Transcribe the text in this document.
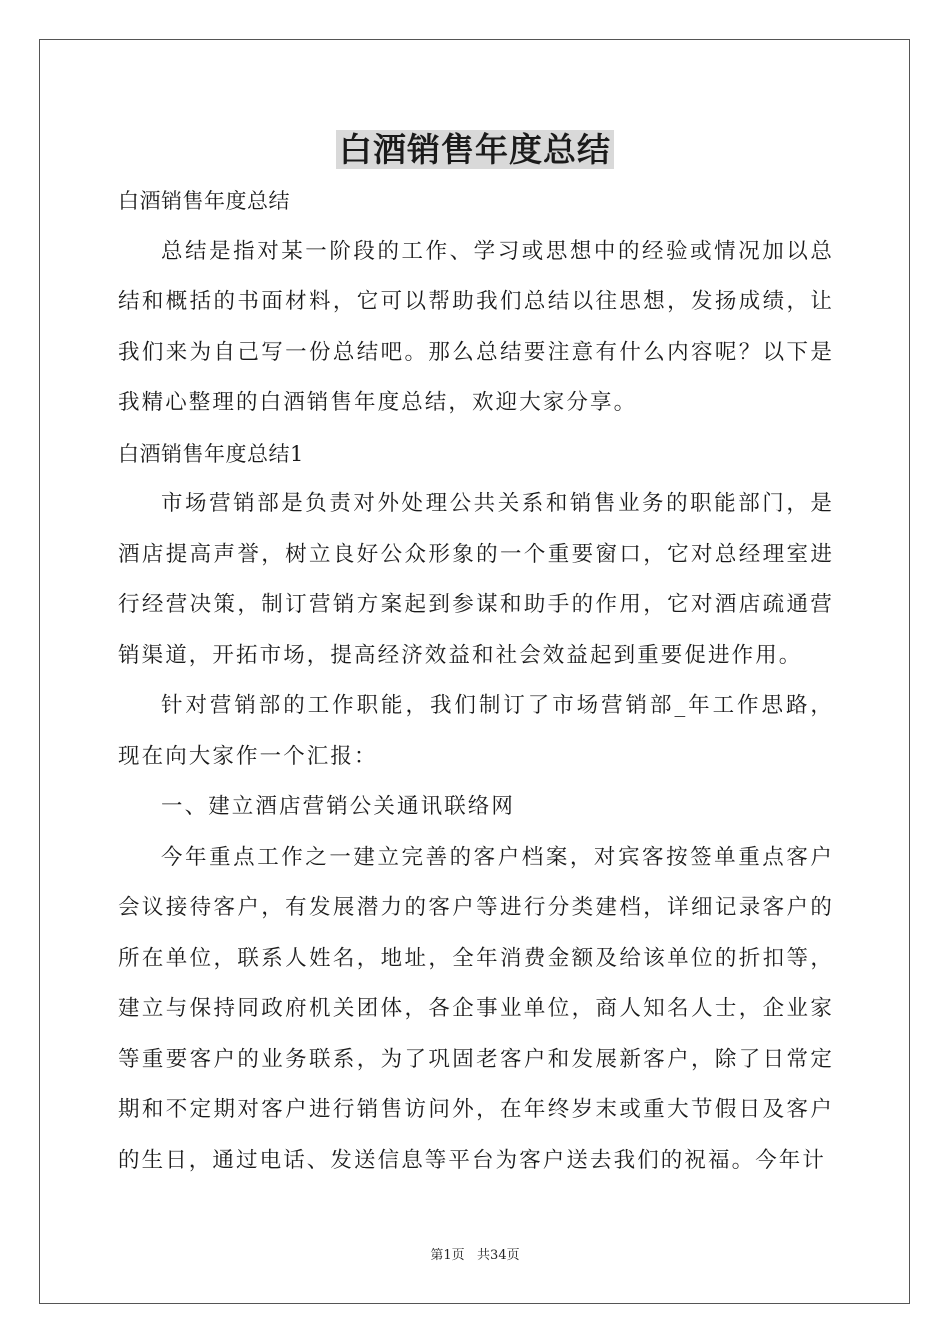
白酒销售年度总结

白酒销售年度总结

总结是指对某一阶段的工作、学习或思想中的经验或情况加以总结和概括的书面材料，它可以帮助我们总结以往思想，发扬成绩，让我们来为自己写一份总结吧。那么总结要注意有什么内容呢？以下是我精心整理的白酒销售年度总结，欢迎大家分享。

白酒销售年度总结1

市场营销部是负责对外处理公共关系和销售业务的职能部门，是酒店提高声誉，树立良好公众形象的一个重要窗口，它对总经理室进行经营决策，制订营销方案起到参谋和助手的作用，它对酒店疏通营销渠道，开拓市场，提高经济效益和社会效益起到重要促进作用。

针对营销部的工作职能，我们制订了市场营销部_年工作思路，现在向大家作一个汇报：

一、建立酒店营销公关通讯联络网

今年重点工作之一建立完善的客户档案，对宾客按签单重点客户会议接待客户，有发展潜力的客户等进行分类建档，详细记录客户的所在单位，联系人姓名，地址，全年消费金额及给该单位的折扣等，建立与保持同政府机关团体，各企事业单位，商人知名人士，企业家等重要客户的业务联系，为了巩固老客户和发展新客户，除了日常定期和不定期对客户进行销售访问外，在年终岁末或重大节假日及客户的生日，通过电话、发送信息等平台为客户送去我们的祝福。今年计

第1页   共34页
